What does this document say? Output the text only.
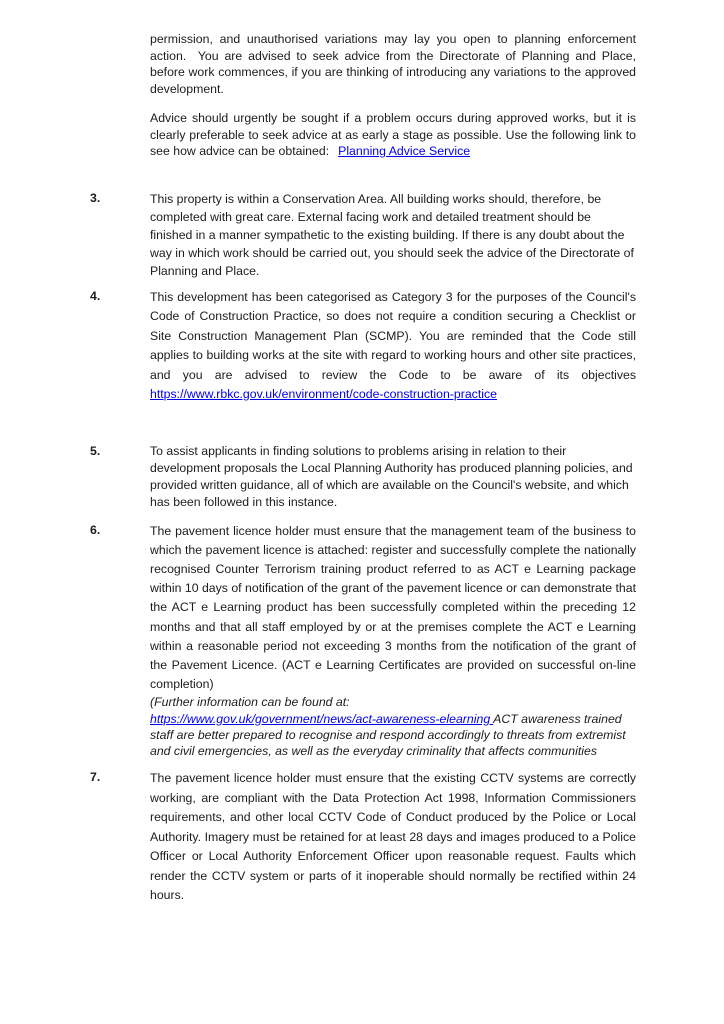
permission, and unauthorised variations may lay you open to planning enforcement action.  You are advised to seek advice from the Directorate of Planning and Place, before work commences, if you are thinking of introducing any variations to the approved development.

Advice should urgently be sought if a problem occurs during approved works, but it is clearly preferable to seek advice at as early a stage as possible. Use the following link to see how advice can be obtained: Planning Advice Service

3.	This property is within a Conservation Area. All building works should, therefore, be completed with great care. External facing work and detailed treatment should be finished in a manner sympathetic to the existing building. If there is any doubt about the way in which work should be carried out, you should seek the advice of the Directorate of Planning and Place.
4.	This development has been categorised as Category 3 for the purposes of the Council's Code of Construction Practice, so does not require a condition securing a Checklist or Site Construction Management Plan (SCMP). You are reminded that the Code still applies to building works at the site with regard to working hours and other site practices, and you are advised to review the Code to be aware of its objectives https://www.rbkc.gov.uk/environment/code-construction-practice
5.	To assist applicants in finding solutions to problems arising in relation to their development proposals the Local Planning Authority has produced planning policies, and provided written guidance, all of which are available on the Council's website, and which has been followed in this instance.
6.	The pavement licence holder must ensure that the management team of the business to which the pavement licence is attached: register and successfully complete the nationally recognised Counter Terrorism training product referred to as ACT e Learning package within 10 days of notification of the grant of the pavement licence or can demonstrate that the ACT e Learning product has been successfully completed within the preceding 12 months and that all staff employed by or at the premises complete the ACT e Learning within a reasonable period not exceeding 3 months from the notification of the grant of the Pavement Licence. (ACT e Learning Certificates are provided on successful on-line completion)
(Further information can be found at:
https://www.gov.uk/government/news/act-awareness-elearning ACT awareness trained staff are better prepared to recognise and respond accordingly to threats from extremist and civil emergencies, as well as the everyday criminality that affects communities
7.	The pavement licence holder must ensure that the existing CCTV systems are correctly working, are compliant with the Data Protection Act 1998, Information Commissioners requirements, and other local CCTV Code of Conduct produced by the Police or Local Authority. Imagery must be retained for at least 28 days and images produced to a Police Officer or Local Authority Enforcement Officer upon reasonable request. Faults which render the CCTV system or parts of it inoperable should normally be rectified within 24 hours.
